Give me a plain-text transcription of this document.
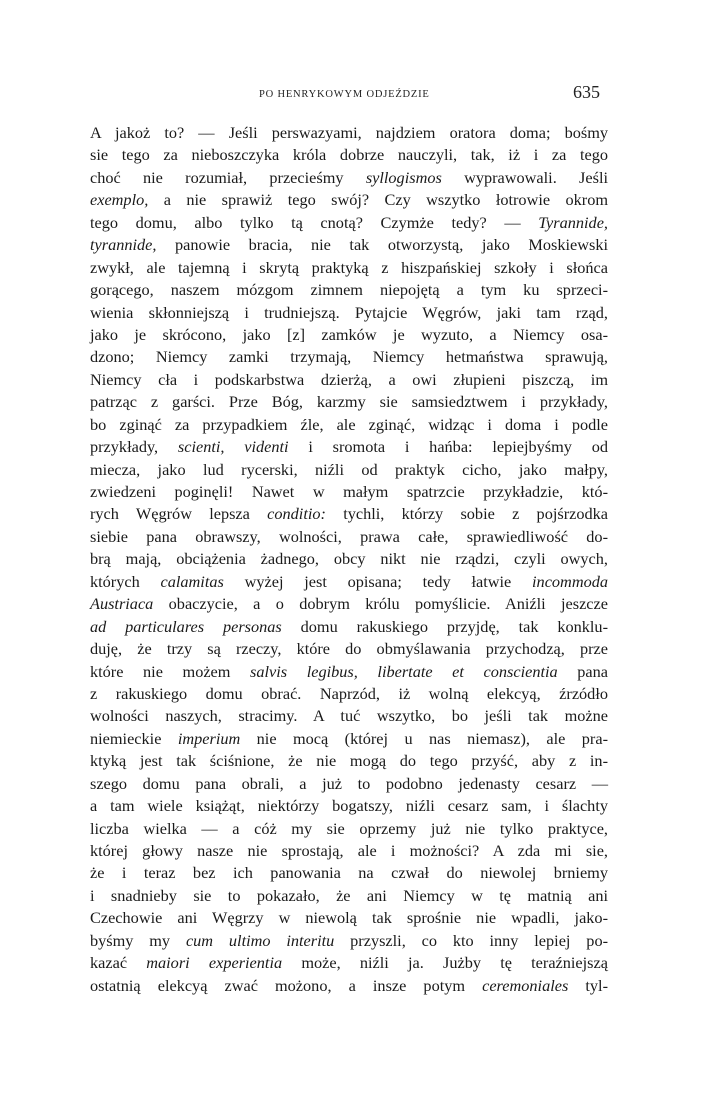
PO HENRYKOWYM ODJEŹDZIE	635
A jakoż to? — Jeśli perswazyami, najdziem oratora doma; bośmy
sie tego za nieboszczyka króla dobrze nauczyli, tak, iż i za tego
choć nie rozumiał, przecieśmy syllogismos wyprawowali. Jeśli
exemplo, a nie sprawiż tego swój? Czy wszytko łotrowie okrom
tego domu, albo tylko tą cnotą? Czymże tedy? — Tyrannide,
tyrannide, panowie bracia, nie tak otworzystą, jako Moskiewski
zwykł, ale tajemną i skrytą praktyką z hiszpańskiej szkoły i słońca
gorącego, naszem mózgom zimnem niepojętą a tym ku sprzeci-
wienia skłonniejszą i trudniejszą. Pytajcie Węgrów, jaki tam rząd,
jako je skrócono, jako [z] zamków je wyzuto, a Niemcy osa-
dzono; Niemcy zamki trzymają, Niemcy hetmaństwa sprawują,
Niemcy cła i podskarbstwa dzierżą, a owi złupieni piszczą, im
patrząc z garści. Prze Bóg, karzmy sie samsiedztwem i przykłady,
bo zginąć za przypadkiem źle, ale zginąć, widząc i doma i podle
przykłady, scienti, videnti i sromota i hańba: lepiejbyśmy od
miecza, jako lud rycerski, niźli od praktyk cicho, jako małpy,
zwiedzeni poginęli! Nawet w małym spatrzcie przykładzie, któ-
rych Węgrów lepsza conditio: tychli, którzy sobie z pojśrzodka
siebie pana obrawszy, wolności, prawa całe, sprawiedliwość do-
brą mają, obciążenia żadnego, obcy nikt nie rządzi, czyli owych,
których calamitas wyżej jest opisana; tedy łatwie incommoda
Austriaca obaczycie, a o dobrym królu pomyślicie. Aniźli jeszcze
ad particulares personas domu rakuskiego przyjdę, tak konklu-
duję, że trzy są rzeczy, które do obmyślawania przychodzą, prze
które nie możem salvis legibus, libertate et conscientia pana
z rakuskiego domu obrać. Naprzód, iż wolną elekcyą, źrzódło
wolności naszych, stracimy. A tuć wszytko, bo jeśli tak możne
niemieckie imperium nie mocą (której u nas niemasz), ale pra-
ktyką jest tak ściśnione, że nie mogą do tego przyść, aby z in-
szego domu pana obrali, a już to podobno jedenasty cesarz —
a tam wiele książąt, niektórzy bogatszy, niźli cesarz sam, i ślachty
liczba wielka — a cóż my sie oprzemy już nie tylko praktyce,
której głowy nasze nie sprostają, ale i możności? A zda mi sie,
że i teraz bez ich panowania na czwał do niewolej brniemy
i snadnieby sie to pokazało, że ani Niemcy w tę matnią ani
Czechowie ani Węgrzy w niewolą tak sprośnie nie wpadli, jako-
byśmy my cum ultimo interitu przyszli, co kto inny lepiej po-
kazać maiori experientia może, niźli ja. Jużby tę teraźniejszą
ostatnią elekcyą zwać możono, a insze potym ceremoniales tyl-
